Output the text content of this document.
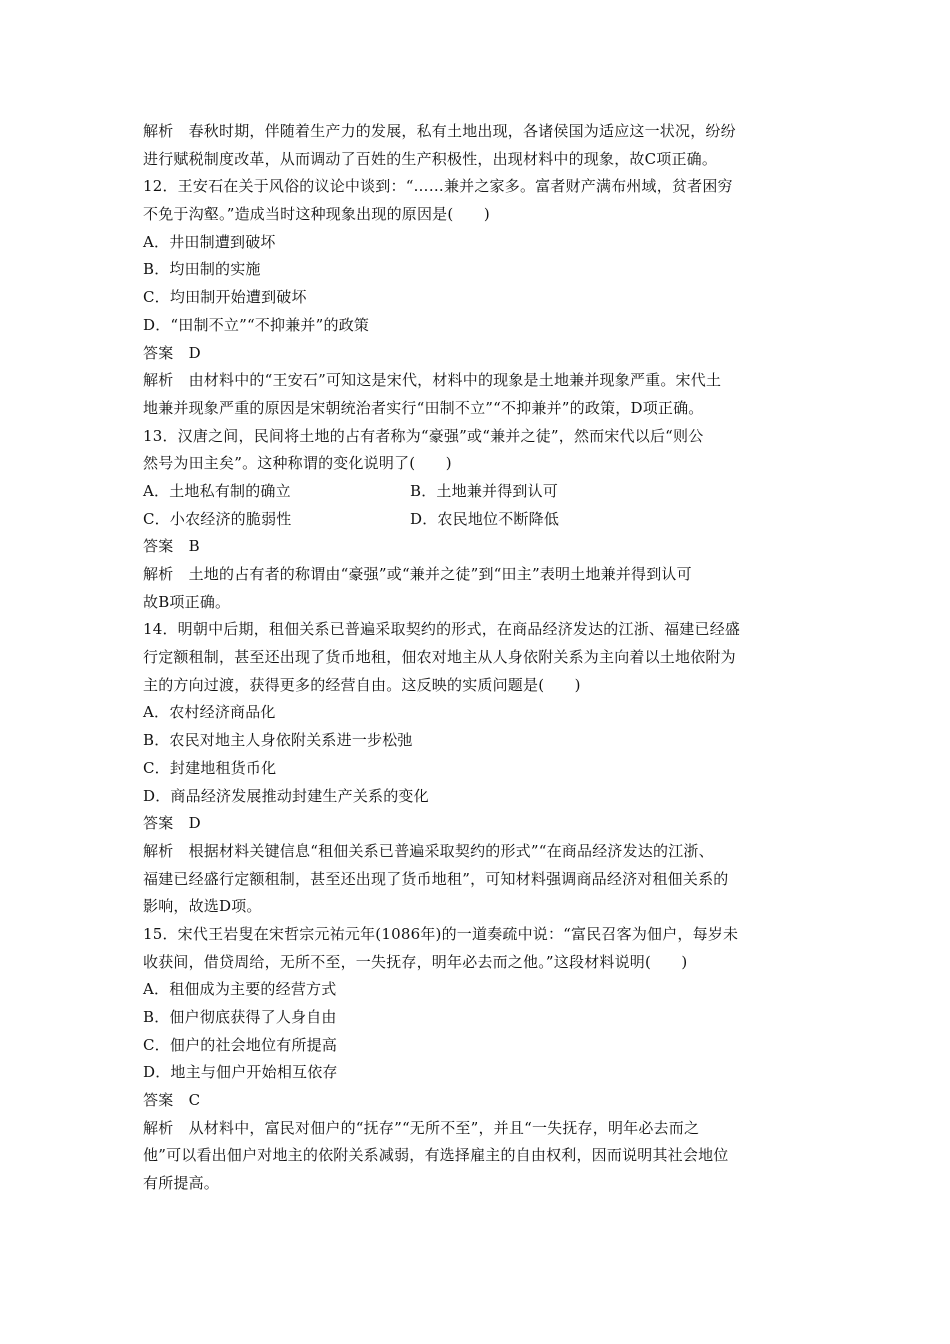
解析　春秋时期，伴随着生产力的发展，私有土地出现，各诸侯国为适应这一状况，纷纷
进行赋税制度改革，从而调动了百姓的生产积极性，出现材料中的现象，故C项正确。
12．王安石在关于风俗的议论中谈到：“……兼并之家多。富者财产满布州域，贫者困穷
不免于沟壑。”造成当时这种现象出现的原因是(　　)
A．井田制遭到破坏
B．均田制的实施
C．均田制开始遭到破坏
D．“田制不立”“不抑兼并”的政策
答案　D
解析　由材料中的“王安石”可知这是宋代，材料中的现象是土地兼并现象严重。宋代土
地兼并现象严重的原因是宋朝统治者实行“田制不立”“不抑兼并”的政策，D项正确。
13．汉唐之间，民间将土地的占有者称为“豪强”或“兼并之徒”，然而宋代以后“则公
然号为田主矣”。这种称谓的变化说明了(　　)
A．土地私有制的确立	B．土地兼并得到认可
C．小农经济的脆弱性	D．农民地位不断降低
答案　B
解析　土地的占有者的称谓由“豪强”或“兼并之徒”到“田主”表明土地兼并得到认可
故B项正确。
14．明朝中后期，租佃关系已普遍采取契约的形式，在商品经济发达的江浙、福建已经盛
行定额租制，甚至还出现了货币地租，佃农对地主从人身依附关系为主向着以土地依附为
主的方向过渡，获得更多的经营自由。这反映的实质问题是(　　)
A．农村经济商品化
B．农民对地主人身依附关系进一步松弛
C．封建地租货币化
D．商品经济发展推动封建生产关系的变化
答案　D
解析　根据材料关键信息“租佃关系已普遍采取契约的形式”“在商品经济发达的江浙、
福建已经盛行定额租制，甚至还出现了货币地租”，可知材料强调商品经济对租佃关系的
影响，故选D项。
15．宋代王岩叟在宋哲宗元祐元年(1086年)的一道奏疏中说：“富民召客为佃户，每岁未
收获间，借贷周给，无所不至，一失抚存，明年必去而之他。”这段材料说明(　　)
A．租佃成为主要的经营方式
B．佃户彻底获得了人身自由
C．佃户的社会地位有所提高
D．地主与佃户开始相互依存
答案　C
解析　从材料中，富民对佃户的“抚存”“无所不至”，并且“一失抚存，明年必去而之
他”可以看出佃户对地主的依附关系减弱，有选择雇主的自由权利，因而说明其社会地位
有所提高。
